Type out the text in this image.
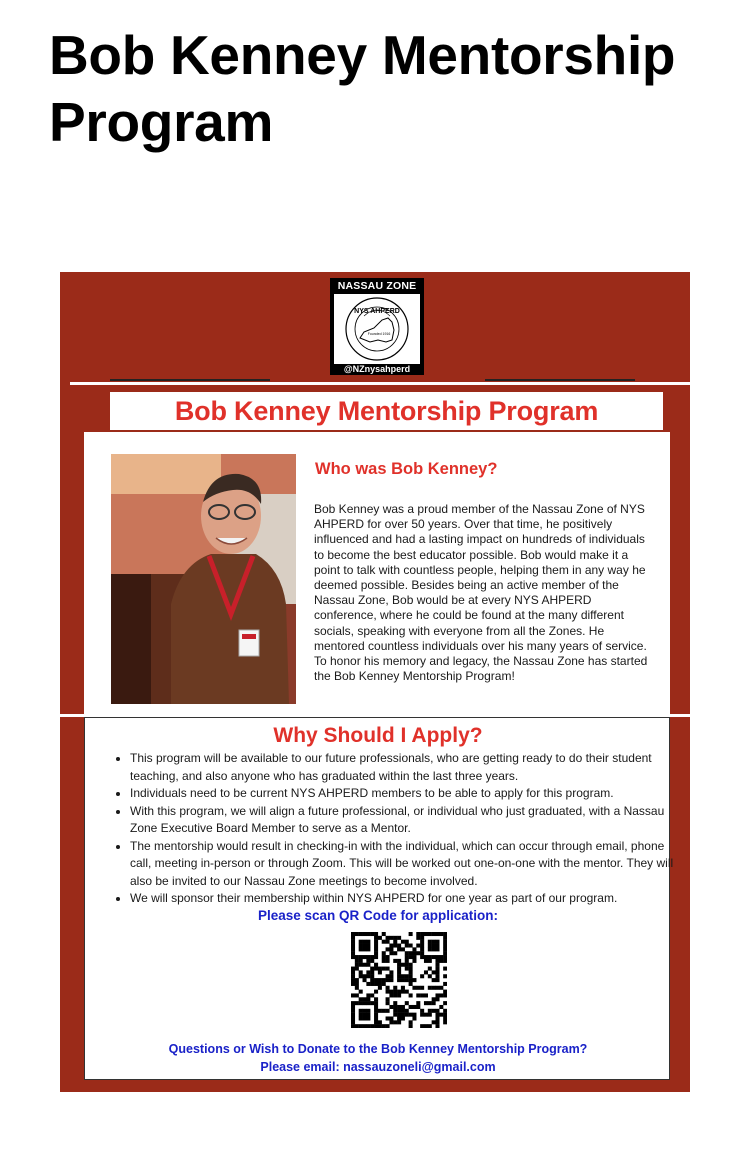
Bob Kenney Mentorship Program
NASSAU ZONE
NYS AHPERD
Founded 1916
@NZnysahperd
Bob Kenney Mentorship Program
Who was Bob Kenney?

Bob Kenney was a proud member of the Nassau Zone of NYS AHPERD for over 50 years. Over that time, he positively influenced and had a lasting impact on hundreds of individuals to become the best educator possible. Bob would make it a point to talk with countless people, helping them in any way he deemed possible. Besides being an active member of the Nassau Zone, Bob would be at every NYS AHPERD conference, where he could be found at the many different socials, speaking with everyone from all the Zones. He mentored countless individuals over his many years of service. To honor his memory and legacy, the Nassau Zone has started the Bob Kenney Mentorship Program!

Why Should I Apply?
• This program will be available to our future professionals, who are getting ready to do their student teaching, and also anyone who has graduated within the last three years.
• Individuals need to be current NYS AHPERD members to be able to apply for this program.
• With this program, we will align a future professional, or individual who just graduated, with a Nassau Zone Executive Board Member to serve as a Mentor.
• The mentorship would result in checking-in with the individual, which can occur through email, phone call, meeting in-person or through Zoom. This will be worked out one-on-one with the mentor. They will also be invited to our Nassau Zone meetings to become involved.
• We will sponsor their membership within NYS AHPERD for one year as part of our program.

Please scan QR Code for application:

Questions or Wish to Donate to the Bob Kenney Mentorship Program?
Please email: nassauzoneli@gmail.com
